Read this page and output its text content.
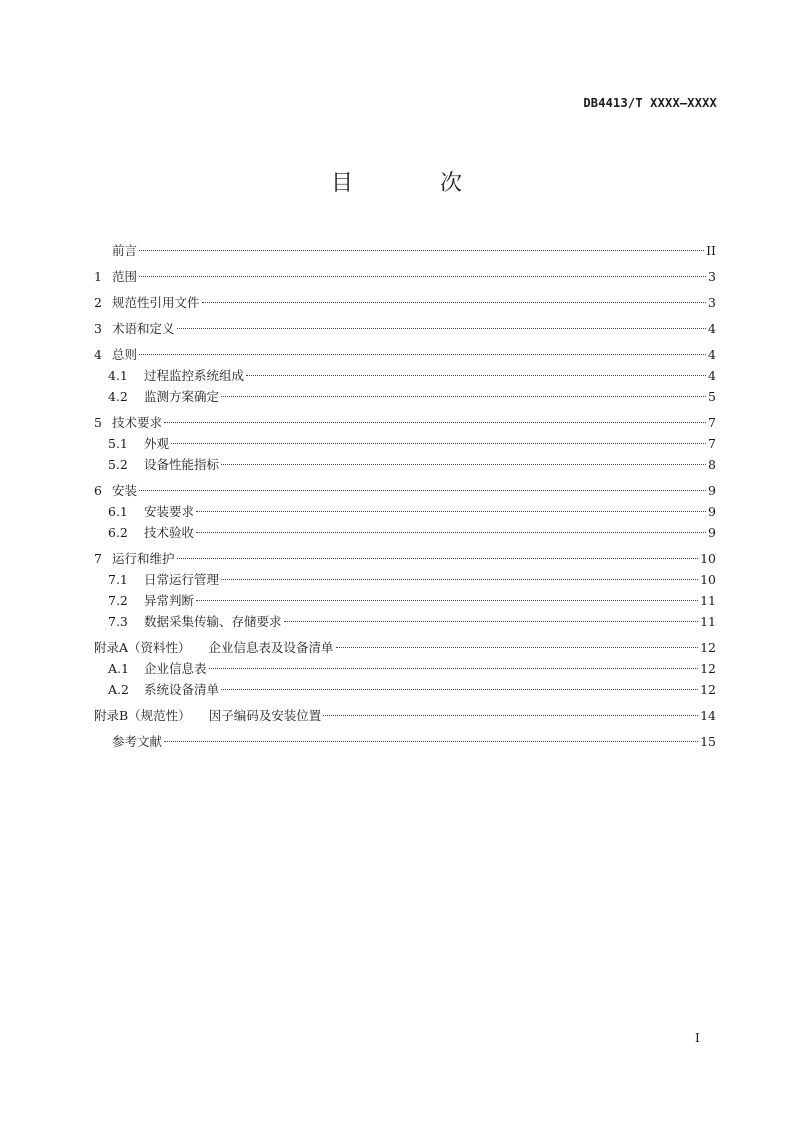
DB4413/T XXXX—XXXX
目 次
前言	II
1 范围	3
2 规范性引用文件	3
3 术语和定义	4
4 总则	4
4.1	过程监控系统组成	4
4.2	监测方案确定	5
5 技术要求	7
5.1	外观	7
5.2	设备性能指标	8
6 安装	9
6.1	安装要求	9
6.2	技术验收	9
7 运行和维护	10
7.1	日常运行管理	10
7.2	异常判断	11
7.3	数据采集传输、存储要求	11
附录A（资料性） 企业信息表及设备清单	12
A.1	企业信息表	12
A.2	系统设备清单	12
附录B（规范性） 因子编码及安装位置	14
参考文献	15
I
